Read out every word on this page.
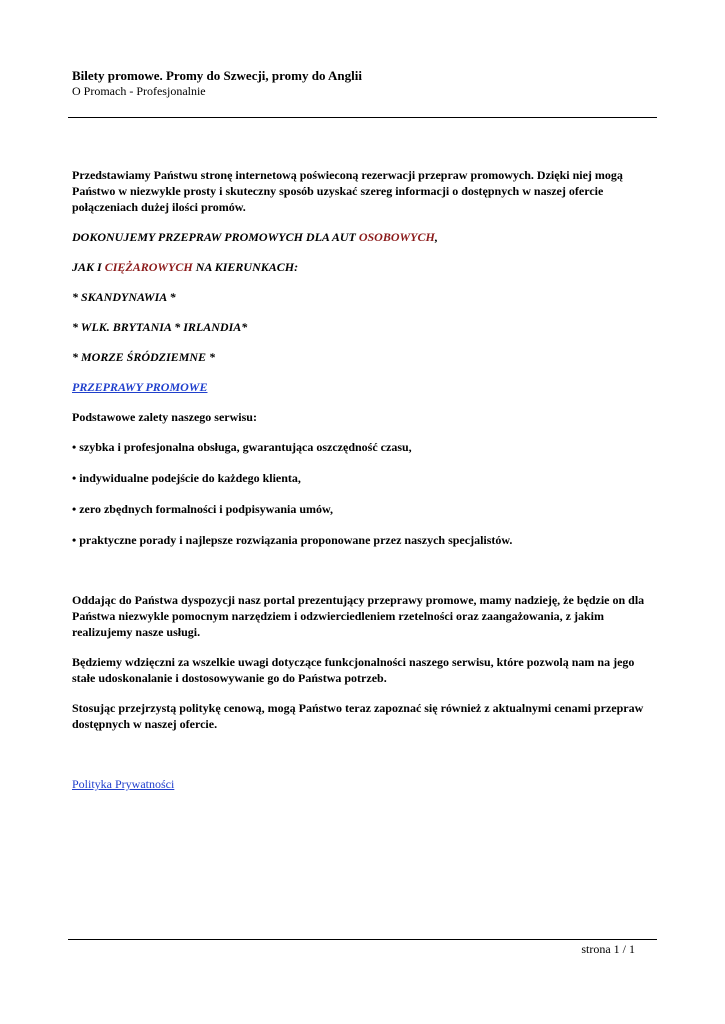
Bilety promowe. Promy do Szwecji, promy do Anglii
O Promach - Profesjonalnie

Przedstawiamy Państwu stronę internetową poświeconą rezerwacji przepraw promowych. Dzięki niej mogą Państwo w niezwykle prosty i skuteczny sposób uzyskać szereg informacji o dostępnych w naszej ofercie połączeniach dużej ilości promów.

DOKONUJEMY PRZEPRAW PROMOWYCH DLA AUT OSOBOWYCH,

JAK I CIĘŻAROWYCH NA KIERUNKACH:

* SKANDYNAWIA *

* WLK. BRYTANIA * IRLANDIA*

* MORZE ŚRÓDZIEMNE *

PRZEPRAWY PROMOWE

Podstawowe zalety naszego serwisu:

• szybka i profesjonalna obsługa, gwarantująca oszczędność czasu,

• indywidualne podejście do każdego klienta,

• zero zbędnych formalności i podpisywania umów,

• praktyczne porady i najlepsze rozwiązania proponowane przez naszych specjalistów.

Oddając do Państwa dyspozycji nasz portal prezentujący przeprawy promowe, mamy nadzieję, że będzie on dla Państwa niezwykle pomocnym narzędziem i odzwierciedleniem rzetelności oraz zaangażowania, z jakim realizujemy nasze usługi.

Będziemy wdzięczni za wszelkie uwagi dotyczące funkcjonalności naszego serwisu, które pozwolą nam na jego stałe udoskonalanie i dostosowywanie go do Państwa potrzeb.

Stosując przejrzystą politykę cenową, mogą Państwo teraz zapoznać się również z aktualnymi cenami przepraw dostępnych w naszej ofercie.

Polityka Prywatności
strona 1 / 1
